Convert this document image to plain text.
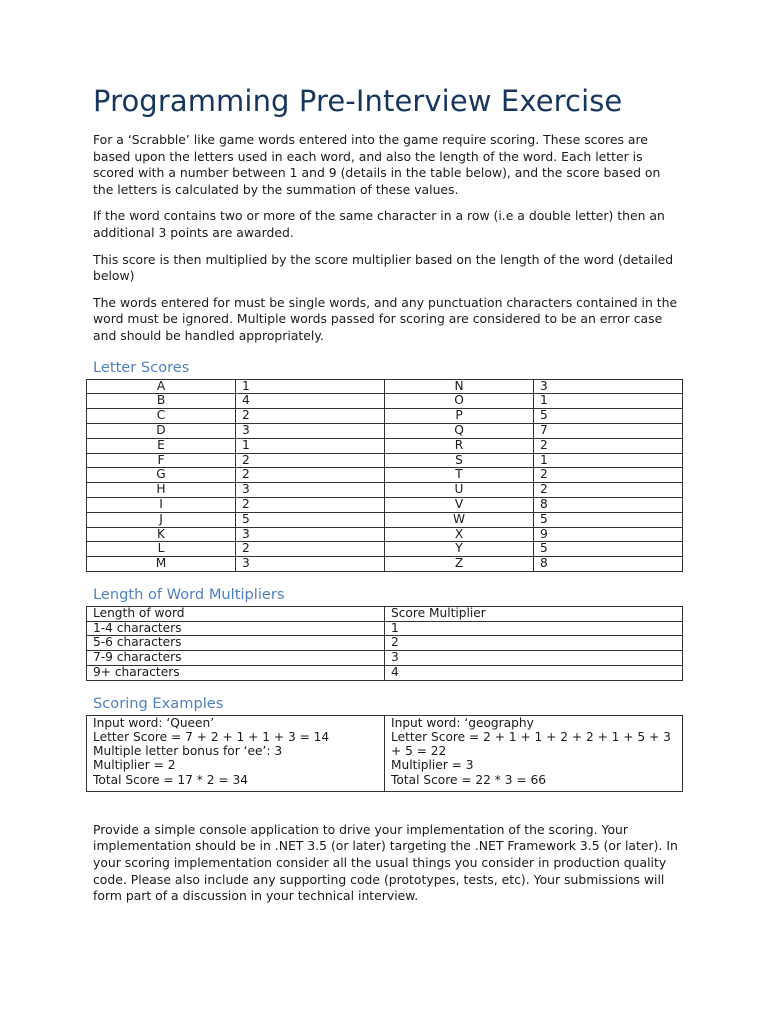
Programming Pre-Interview Exercise

For a ‘Scrabble’ like game words entered into the game require scoring. These scores are based upon the letters used in each word, and also the length of the word. Each letter is scored with a number between 1 and 9 (details in the table below), and the score based on the letters is calculated by the summation of these values.

If the word contains two or more of the same character in a row (i.e a double letter) then an additional 3 points are awarded.

This score is then multiplied by the score multiplier based on the length of the word (detailed below)

The words entered for must be single words, and any punctuation characters contained in the word must be ignored. Multiple words passed for scoring are considered to be an error case and should be handled appropriately.

Letter Scores
A	1	N	3
B	4	O	1
C	2	P	5
D	3	Q	7
E	1	R	2
F	2	S	1
G	2	T	2
H	3	U	2
I	2	V	8
J	5	W	5
K	3	X	9
L	2	Y	5
M	3	Z	8
Length of Word Multipliers
Length of word	Score Multiplier
1-4 characters	1
5-6 characters	2
7-9 characters	3
9+ characters	4
Scoring Examples
Input word: ‘Queen’
Letter Score = 7 + 2 + 1 + 1 + 3 = 14
Multiple letter bonus for ‘ee’: 3
Multiplier = 2
Total Score = 17 * 2 = 34

Input word: ‘geography
Letter Score = 2 + 1 + 1 + 2 + 2 + 1 + 5 + 3 + 5 = 22
Multiplier = 3
Total Score = 22 * 3 = 66

Provide a simple console application to drive your implementation of the scoring. Your implementation should be in .NET 3.5 (or later) targeting the .NET Framework 3.5 (or later). In your scoring implementation consider all the usual things you consider in production quality code. Please also include any supporting code (prototypes, tests, etc). Your submissions will form part of a discussion in your technical interview.
